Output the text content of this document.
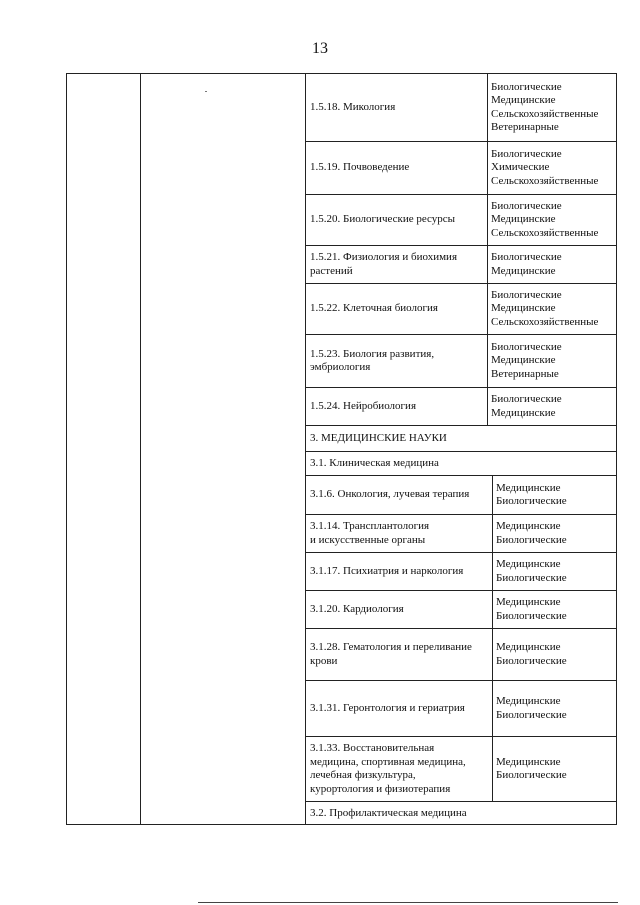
13
1.5.18. Микология
Биологические
Медицинские
Сельскохозяйственные
Ветеринарные
1.5.19. Почвоведение
Биологические
Химические
Сельскохозяйственные
1.5.20. Биологические ресурсы
Биологические
Медицинские
Сельскохозяйственные
1.5.21. Физиология и биохимия
растений
Биологические
Медицинские
1.5.22. Клеточная биология
Биологические
Медицинские
Сельскохозяйственные
1.5.23. Биология развития,
эмбриология
Биологические
Медицинские
Ветеринарные
1.5.24. Нейробиология
Биологические
Медицинские
3. МЕДИЦИНСКИЕ НАУКИ
3.1. Клиническая медицина
3.1.6. Онкология, лучевая терапия
Медицинские
Биологические
3.1.14. Трансплантология
и искусственные органы
Медицинские
Биологические
3.1.17. Психиатрия и наркология
Медицинские
Биологические
3.1.20. Кардиология
Медицинские
Биологические
3.1.28. Гематология и переливание
крови
Медицинские
Биологические
3.1.31. Геронтология и гериатрия
Медицинские
Биологические
3.1.33. Восстановительная
медицина, спортивная медицина,
лечебная физкультура,
курортология и физиотерапия
Медицинские
Биологические
3.2. Профилактическая медицина
